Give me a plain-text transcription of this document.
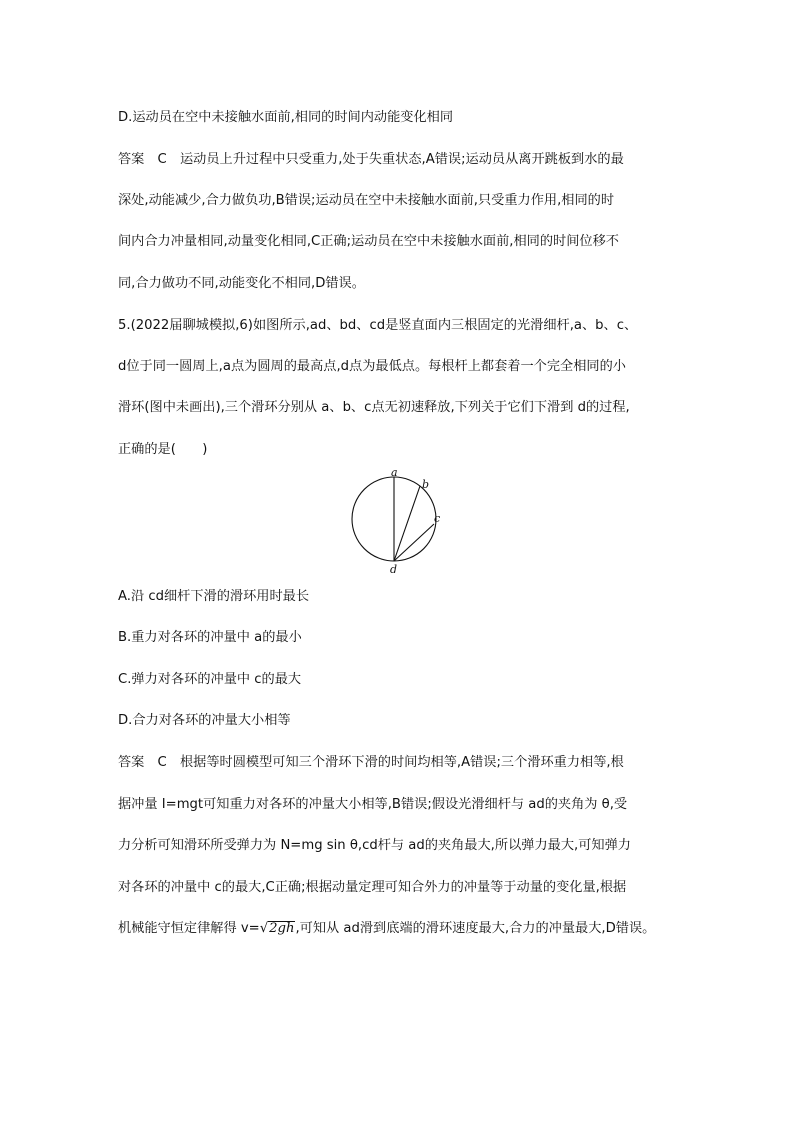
D.运动员在空中未接触水面前,相同的时间内动能变化相同
答案　C　运动员上升过程中只受重力,处于失重状态,A错误;运动员从离开跳板到水的最
深处,动能减少,合力做负功,B错误;运动员在空中未接触水面前,只受重力作用,相同的时
间内合力冲量相同,动量变化相同,C正确;运动员在空中未接触水面前,相同的时间位移不
同,合力做功不同,动能变化不相同,D错误。
5.(2022届聊城模拟,6)如图所示,ad、bd、cd是竖直面内三根固定的光滑细杆,a、b、c、
d位于同一圆周上,a点为圆周的最高点,d点为最低点。每根杆上都套着一个完全相同的小
滑环(图中未画出),三个滑环分别从 a、b、c点无初速释放,下列关于它们下滑到 d的过程,
正确的是(　　)
a
b
c
d
A.沿 cd细杆下滑的滑环用时最长
B.重力对各环的冲量中 a的最小
C.弹力对各环的冲量中 c的最大
D.合力对各环的冲量大小相等
答案　C　根据等时圆模型可知三个滑环下滑的时间均相等,A错误;三个滑环重力相等,根
据冲量 I=mgt可知重力对各环的冲量大小相等,B错误;假设光滑细杆与 ad的夹角为 θ,受
力分析可知滑环所受弹力为 N=mg sin θ,cd杆与 ad的夹角最大,所以弹力最大,可知弹力
对各环的冲量中 c的最大,C正确;根据动量定理可知合外力的冲量等于动量的变化量,根据
机械能守恒定律解得 v=√2gh,可知从 ad滑到底端的滑环速度最大,合力的冲量最大,D错误。
